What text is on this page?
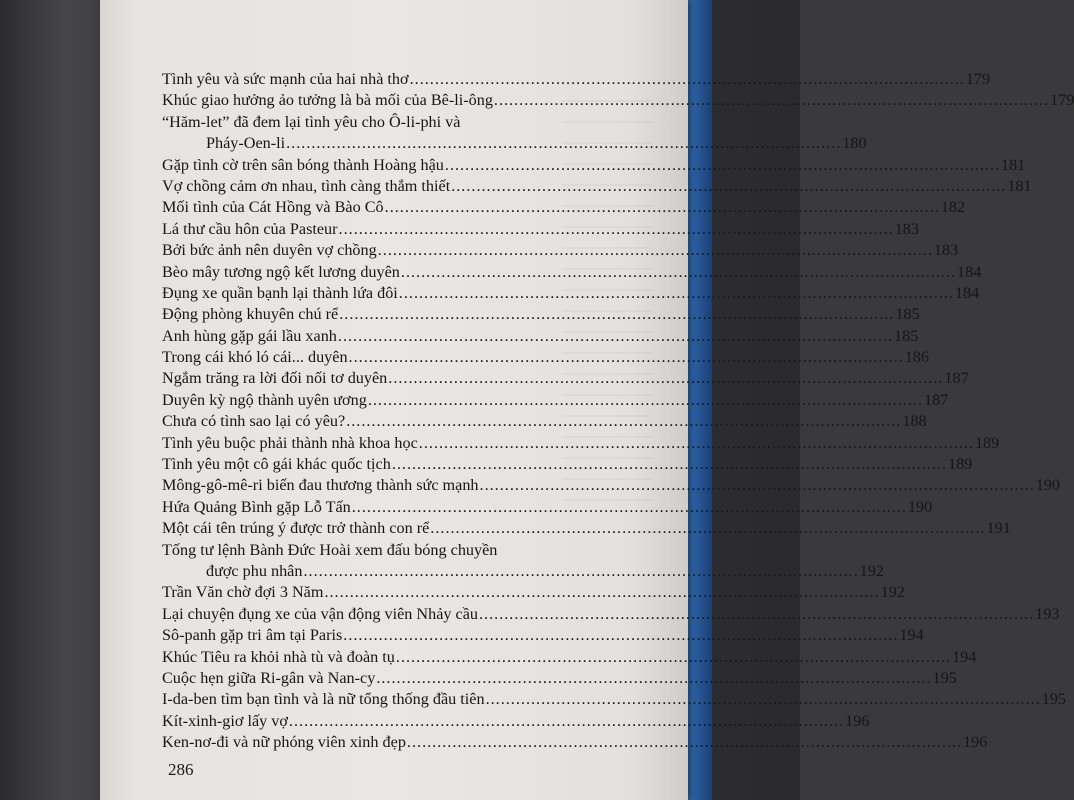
Tình yêu và sức mạnh của hai nhà thơ .....	179
Khúc giao hưởng ảo tưởng là bà mối của Bê-li-ông .....	179
“Hăm-let” đã đem lại tình yêu cho Ô-li-phi và
Pháy-Oen-li .....	180
Gặp tình cờ trên sân bóng thành Hoàng hậu .....	181
Vợ chồng cảm ơn nhau, tình càng thắm thiết .....	181
Mối tình của Cát Hồng và Bào Cô .....	182
Lá thư cầu hôn của Pasteur .....	183
Bởi bức ảnh nên duyên vợ chồng .....	183
Bèo mây tương ngộ kết lương duyên .....	184
Đụng xe quần bạnh lại thành lứa đôi .....	184
Động phòng khuyên chú rể .....	185
Anh hùng gặp gái lầu xanh .....	185
Trong cái khó ló cái... duyên .....	186
Ngắm trăng ra lời đối nối tơ duyên .....	187
Duyên kỳ ngộ thành uyên ương .....	187
Chưa có tình sao lại có yêu? .....	188
Tình yêu buộc phải thành nhà khoa học .....	189
Tình yêu một cô gái khác quốc tịch .....	189
Mông-gô-mê-ri biến đau thương thành sức mạnh .....	190
Hứa Quảng Bình gặp Lỗ Tấn .....	190
Một cái tên trúng ý được trở thành con rể .....	191
Tống tư lệnh Bành Đức Hoài xem đấu bóng chuyền
được phu nhân .....	192
Trần Văn chờ đợi 3 Năm .....	192
Lại chuyện đụng xe của vận động viên Nhảy cầu .....	193
Sô-panh gặp tri âm tại Paris .....	194
Khúc Tiêu ra khỏi nhà tù và đoàn tụ .....	194
Cuộc hẹn giữa Ri-gân và Nan-cy .....	195
I-da-ben tìm bạn tình và là nữ tổng thống đầu tiên .....	195
Kít-xinh-giơ lấy vợ .....	196
Ken-nơ-đi và nữ phóng viên xinh đẹp .....	196
286
